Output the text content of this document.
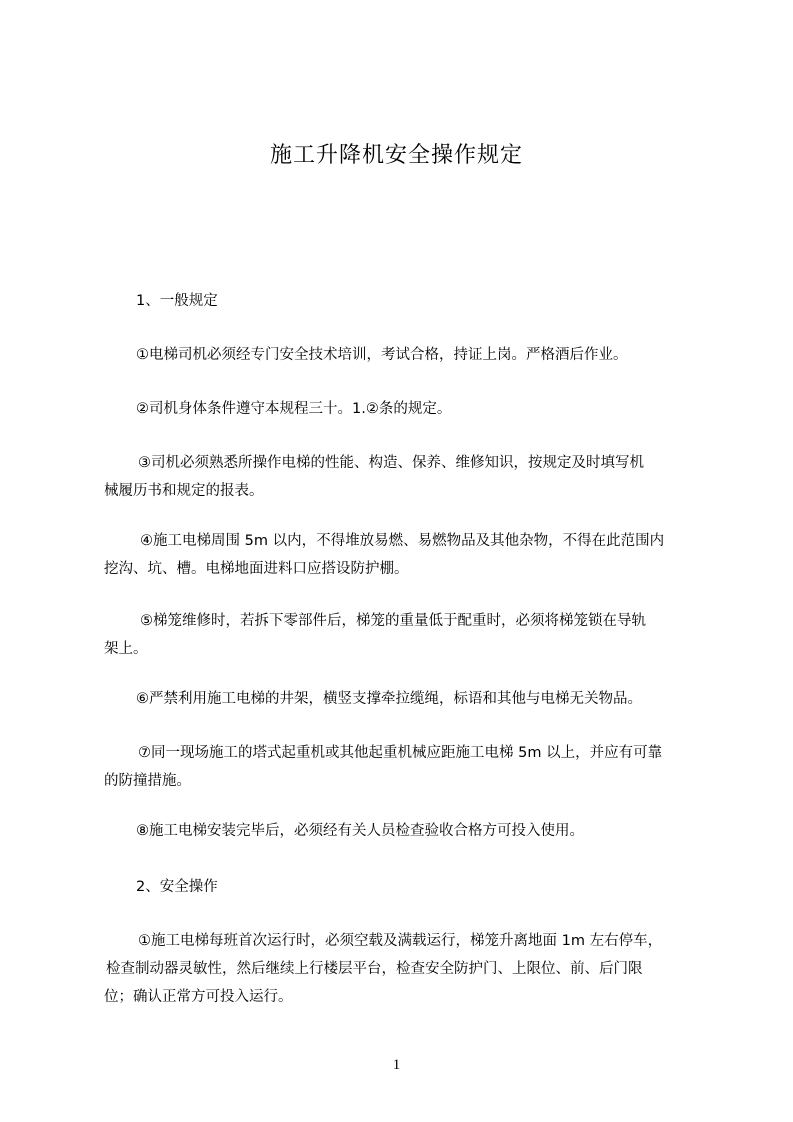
施工升降机安全操作规定
1、一般规定
①电梯司机必须经专门安全技术培训，考试合格，持证上岗。严格酒后作业。
②司机身体条件遵守本规程三十。1.②条的规定。
③司机必须熟悉所操作电梯的性能、构造、保养、维修知识，按规定及时填写机
械履历书和规定的报表。
④施工电梯周围 5m 以内，不得堆放易燃、易燃物品及其他杂物，不得在此范围内
挖沟、坑、槽。电梯地面进料口应搭设防护棚。
⑤梯笼维修时，若拆下零部件后，梯笼的重量低于配重时，必须将梯笼锁在导轨
架上。
⑥严禁利用施工电梯的井架，横竖支撑牵拉缆绳，标语和其他与电梯无关物品。
⑦同一现场施工的塔式起重机或其他起重机械应距施工电梯 5m 以上，并应有可靠
的防撞措施。
⑧施工电梯安装完毕后，必须经有关人员检查验收合格方可投入使用。
2、安全操作
①施工电梯每班首次运行时，必须空载及满载运行，梯笼升离地面 1m 左右停车，
检查制动器灵敏性，然后继续上行楼层平台，检查安全防护门、上限位、前、后门限
位；确认正常方可投入运行。
1
